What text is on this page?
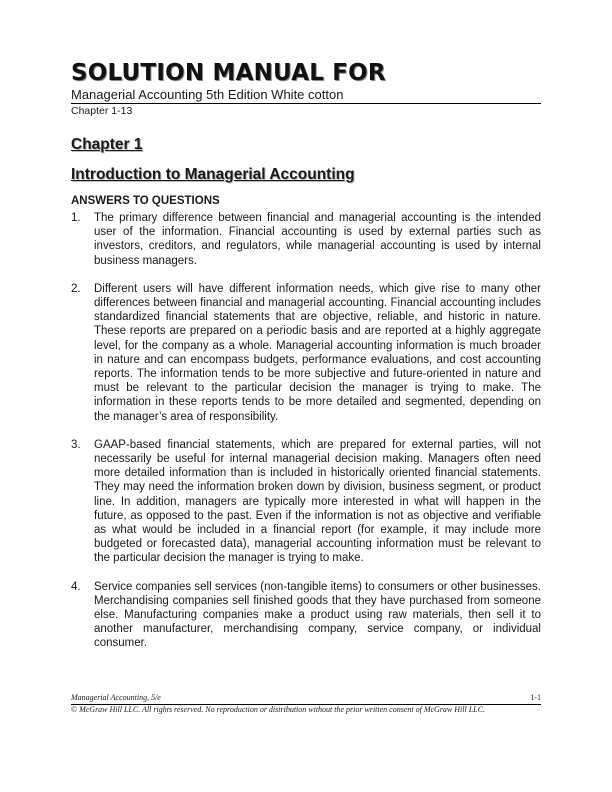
SOLUTION MANUAL FOR
Managerial Accounting 5th Edition White cotton
Chapter 1-13
Chapter 1
Introduction to Managerial Accounting
ANSWERS TO QUESTIONS
1. The primary difference between financial and managerial accounting is the intended user of the information. Financial accounting is used by external parties such as investors, creditors, and regulators, while managerial accounting is used by internal business managers.
2. Different users will have different information needs, which give rise to many other differences between financial and managerial accounting. Financial accounting includes standardized financial statements that are objective, reliable, and historic in nature. These reports are prepared on a periodic basis and are reported at a highly aggregate level, for the company as a whole. Managerial accounting information is much broader in nature and can encompass budgets, performance evaluations, and cost accounting reports. The information tends to be more subjective and future-oriented in nature and must be relevant to the particular decision the manager is trying to make. The information in these reports tends to be more detailed and segmented, depending on the manager’s area of responsibility.
3. GAAP-based financial statements, which are prepared for external parties, will not necessarily be useful for internal managerial decision making. Managers often need more detailed information than is included in historically oriented financial statements. They may need the information broken down by division, business segment, or product line. In addition, managers are typically more interested in what will happen in the future, as opposed to the past. Even if the information is not as objective and verifiable as what would be included in a financial report (for example, it may include more budgeted or forecasted data), managerial accounting information must be relevant to the particular decision the manager is trying to make.
4. Service companies sell services (non-tangible items) to consumers or other businesses. Merchandising companies sell finished goods that they have purchased from someone else. Manufacturing companies make a product using raw materials, then sell it to another manufacturer, merchandising company, service company, or individual consumer.
Managerial Accounting, 5/e	1-1
© McGraw Hill LLC. All rights reserved. No reproduction or distribution without the prior written consent of McGraw Hill LLC.
